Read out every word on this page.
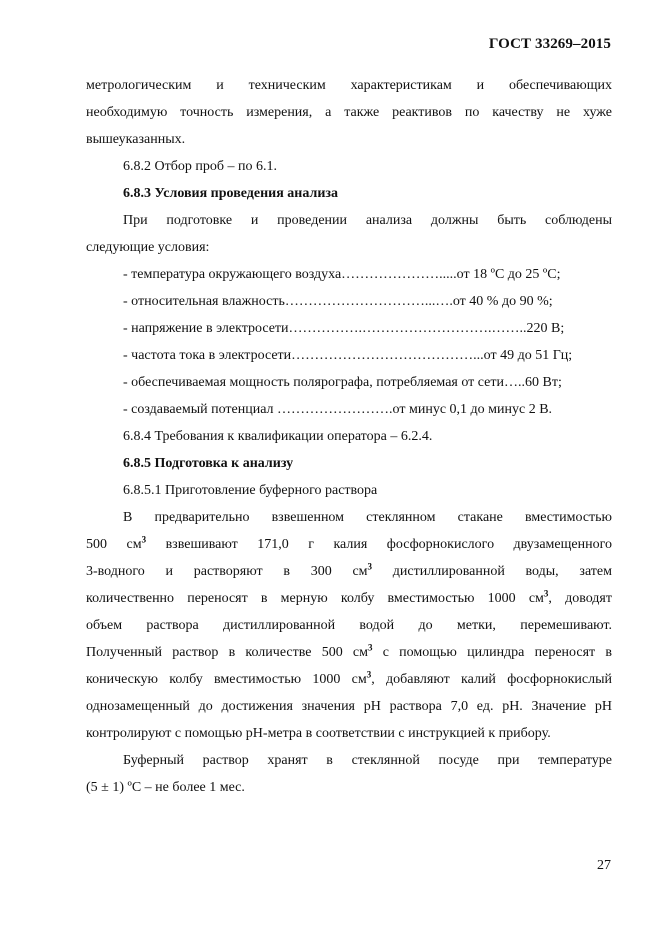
ГОСТ 33269–2015

метрологическим и техническим характеристикам и обеспечивающих

необходимую точность измерения, а также реактивов по качеству не хуже

вышеуказанных.

6.8.2 Отбор проб – по 6.1.

6.8.3 Условия проведения анализа

При подготовке и проведении анализа должны быть соблюдены

следующие условия:

- температура окружающего воздуха………………….....от 18 ºС до 25 ºС;

- относительная влажность…………………………...….от 40 % до 90 %;

- напряжение в электросети…………….……………………….……..220 В;

- частота тока в электросети…………………………………...от 49 до 51 Гц;

- обеспечиваемая мощность полярографа, потребляемая от сети…..60 Вт;

- создаваемый потенциал …………………….от минус 0,1 до минус 2 В.

6.8.4 Требования к квалификации оператора – 6.2.4.

6.8.5 Подготовка к анализу

6.8.5.1 Приготовление буферного раствора

В предварительно взвешенном стеклянном стакане вместимостью

500 $см^3$ взвешивают 171,0 г калия фосфорнокислого двузамещенного

3-водного и растворяют в 300 $см^3$ дистиллированной воды, затем

количественно переносят в мерную колбу вместимостью 1000 $см^3$, доводят

объем раствора дистиллированной водой до метки, перемешивают.

Полученный раствор в количестве 500 $см^3$ с помощью цилиндра переносят в

коническую колбу вместимостью 1000 $см^3$, добавляют калий фосфорнокислый

однозамещенный до достижения значения рН раствора 7,0 ед. рН. Значение рН

контролируют с помощью рН-метра в соответствии с инструкцией к прибору.

Буферный раствор хранят в стеклянной посуде при температуре

(5 ± 1) ºС – не более 1 мес.

27
